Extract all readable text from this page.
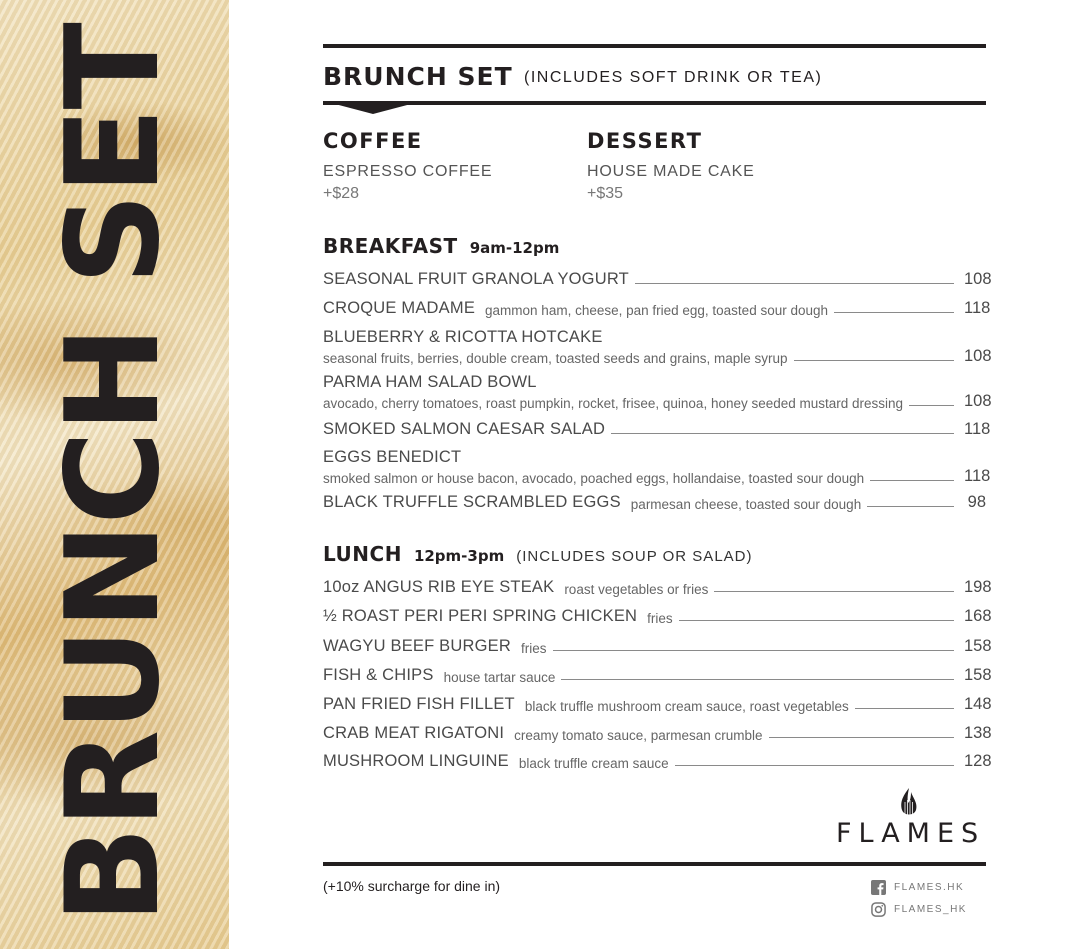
BRUNCH SET	BRUNCH SET (INCLUDES SOFT DRINK OR TEA)
COFFEE
ESPRESSO COFFEE
+$28
DESSERT
HOUSE MADE CAKE
+$35
BREAKFAST 9am-12pm
SEASONAL FRUIT GRANOLA YOGURT	108
CROQUE MADAME gammon ham, cheese, pan fried egg, toasted sour dough	118
BLUEBERRY & RICOTTA HOTCAKE
seasonal fruits, berries, double cream, toasted seeds and grains, maple syrup	108
PARMA HAM SALAD BOWL
avocado, cherry tomatoes, roast pumpkin, rocket, frisee, quinoa, honey seeded mustard dressing	108
SMOKED SALMON CAESAR SALAD	118
EGGS BENEDICT
smoked salmon or house bacon, avocado, poached eggs, hollandaise, toasted sour dough	118
BLACK TRUFFLE SCRAMBLED EGGS parmesan cheese, toasted sour dough	98
LUNCH 12pm-3pm (INCLUDES SOUP OR SALAD)
10oz ANGUS RIB EYE STEAK roast vegetables or fries	198
½ ROAST PERI PERI SPRING CHICKEN fries	168
WAGYU BEEF BURGER fries	158
FISH & CHIPS house tartar sauce	158
PAN FRIED FISH FILLET black truffle mushroom cream sauce, roast vegetables	148
CRAB MEAT RIGATONI creamy tomato sauce, parmesan crumble	138
MUSHROOM LINGUINE black truffle cream sauce	128
FLAMES
(+10% surcharge for dine in)	FLAMES.HK
FLAMES_HK
